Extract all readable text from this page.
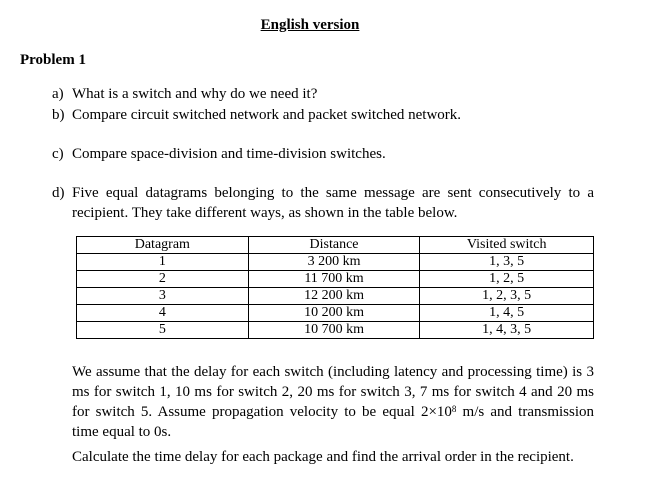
English version
Problem 1
a) What is a switch and why do we need it?
b) Compare circuit switched network and packet switched network.
c) Compare space-division and time-division switches.
d) Five equal datagrams belonging to the same message are sent consecutively to a
recipient. They take different ways, as shown in the table below.
Datagram	Distance	Visited switch
1	3 200 km	1, 3, 5
2	11 700 km	1, 2, 5
3	12 200 km	1, 2, 3, 5
4	10 200 km	1, 4, 5
5	10 700 km	1, 4, 3, 5
We assume that the delay for each switch (including latency and processing time) is 3 ms for switch 1, 10 ms for switch 2, 20 ms for switch 3, 7 ms for switch 4 and 20 ms for switch 5. Assume propagation velocity to be equal $2\times 10^8$ m/s and transmission time equal to 0s.
Calculate the time delay for each package and find the arrival order in the recipient.
